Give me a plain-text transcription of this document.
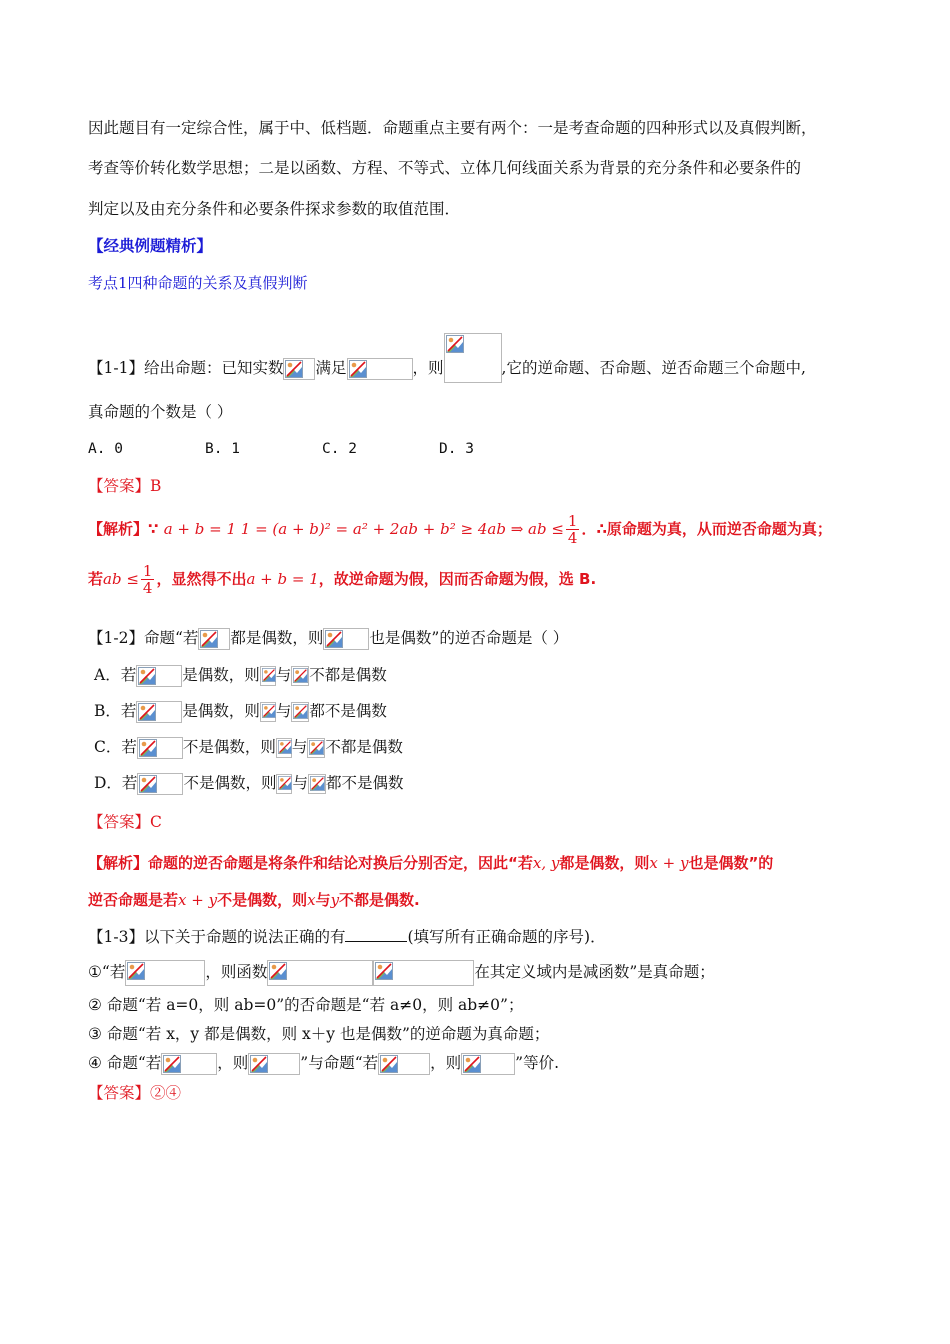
因此题目有一定综合性，属于中、低档题．命题重点主要有两个：一是考查命题的四种形式以及真假判断，
考查等价转化数学思想；二是以函数、方程、不等式、立体几何线面关系为背景的充分条件和必要条件的
判定以及由充分条件和必要条件探求参数的取值范围．
【经典例题精析】
考点1四种命题的关系及真假判断
【1-1】给出命题：已知实数 满足	，则	,它的逆命题、否命题、逆否命题三个命题中,
真命题的个数是（ ）
A. 0	B. 1	C. 2	D. 3
【答案】B
【解析】∵ a + b = 1 1 = (a + b)² = a² + 2ab + b² ≥ 4ab ⇒ ab ≤ $\frac{1}{4}$ ．∴原命题为真，从而逆否命题为真；
若ab ≤ $\frac{1}{4}$ ，显然得不出a + b = 1，故逆命题为假，因而否命题为假，选 B.
【1-2】命题“若 都是偶数，则	也是偶数”的逆否命题是（ ）
A．若	是偶数，则 与 不都是偶数
B．若	是偶数，则 与 都不是偶数
C．若	不是偶数，则 与 不都是偶数
D．若	不是偶数，则 与 都不是偶数
【答案】C
【解析】命题的逆否命题是将条件和结论对换后分别否定，因此“若x, y都是偶数，则x + y也是偶数”的
逆否命题是若x + y不是偶数，则x与y不都是偶数.
【1-3】以下关于命题的说法正确的有	(填写所有正确命题的序号)．
①“若	，则函数	在其定义域内是减函数”是真命题；
② 命题“若 a=0，则 ab=0”的否命题是“若 a≠0，则 ab≠0”；
③ 命题“若 x，y 都是偶数，则 x＋y 也是偶数”的逆命题为真命题；
④ 命题“若	，则	”与命题“若	，则	”等价.
【答案】②④
